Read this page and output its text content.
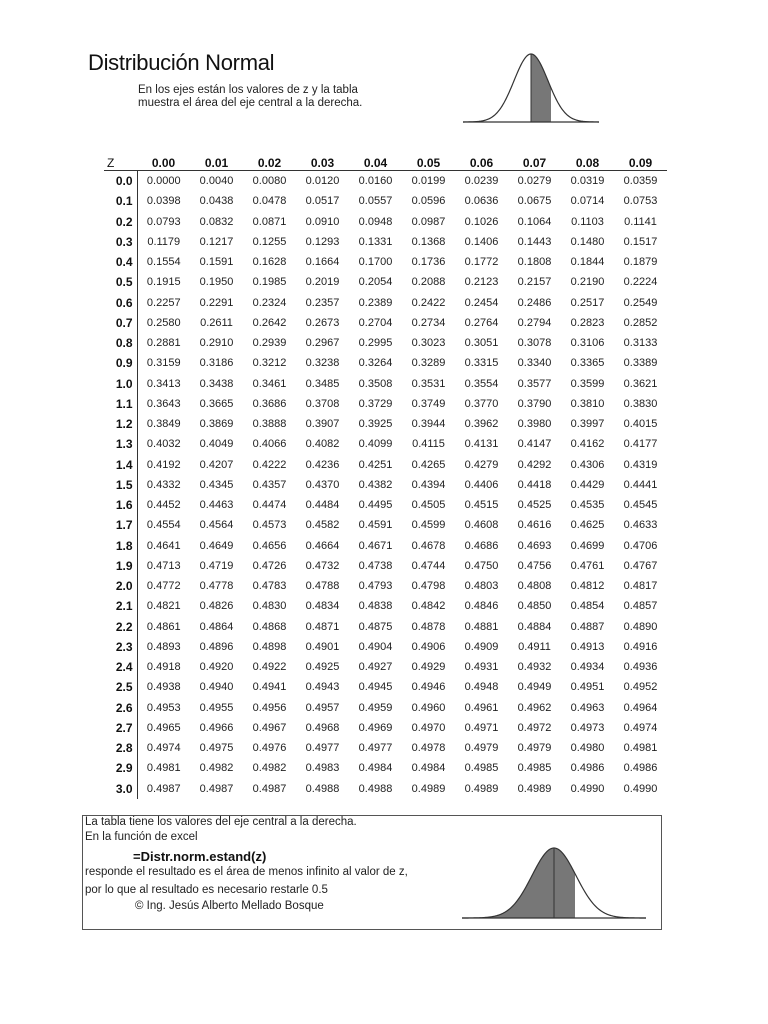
Distribución Normal
En los ejes están los valores de z y la tabla
muestra el área del eje central a la derecha.
Z	0.00	0.01	0.02	0.03	0.04	0.05	0.06	0.07	0.08	0.09
0.0	0.0000	0.0040	0.0080	0.0120	0.0160	0.0199	0.0239	0.0279	0.0319	0.0359
0.1	0.0398	0.0438	0.0478	0.0517	0.0557	0.0596	0.0636	0.0675	0.0714	0.0753
0.2	0.0793	0.0832	0.0871	0.0910	0.0948	0.0987	0.1026	0.1064	0.1103	0.1141
0.3	0.1179	0.1217	0.1255	0.1293	0.1331	0.1368	0.1406	0.1443	0.1480	0.1517
0.4	0.1554	0.1591	0.1628	0.1664	0.1700	0.1736	0.1772	0.1808	0.1844	0.1879
0.5	0.1915	0.1950	0.1985	0.2019	0.2054	0.2088	0.2123	0.2157	0.2190	0.2224
0.6	0.2257	0.2291	0.2324	0.2357	0.2389	0.2422	0.2454	0.2486	0.2517	0.2549
0.7	0.2580	0.2611	0.2642	0.2673	0.2704	0.2734	0.2764	0.2794	0.2823	0.2852
0.8	0.2881	0.2910	0.2939	0.2967	0.2995	0.3023	0.3051	0.3078	0.3106	0.3133
0.9	0.3159	0.3186	0.3212	0.3238	0.3264	0.3289	0.3315	0.3340	0.3365	0.3389
1.0	0.3413	0.3438	0.3461	0.3485	0.3508	0.3531	0.3554	0.3577	0.3599	0.3621
1.1	0.3643	0.3665	0.3686	0.3708	0.3729	0.3749	0.3770	0.3790	0.3810	0.3830
1.2	0.3849	0.3869	0.3888	0.3907	0.3925	0.3944	0.3962	0.3980	0.3997	0.4015
1.3	0.4032	0.4049	0.4066	0.4082	0.4099	0.4115	0.4131	0.4147	0.4162	0.4177
1.4	0.4192	0.4207	0.4222	0.4236	0.4251	0.4265	0.4279	0.4292	0.4306	0.4319
1.5	0.4332	0.4345	0.4357	0.4370	0.4382	0.4394	0.4406	0.4418	0.4429	0.4441
1.6	0.4452	0.4463	0.4474	0.4484	0.4495	0.4505	0.4515	0.4525	0.4535	0.4545
1.7	0.4554	0.4564	0.4573	0.4582	0.4591	0.4599	0.4608	0.4616	0.4625	0.4633
1.8	0.4641	0.4649	0.4656	0.4664	0.4671	0.4678	0.4686	0.4693	0.4699	0.4706
1.9	0.4713	0.4719	0.4726	0.4732	0.4738	0.4744	0.4750	0.4756	0.4761	0.4767
2.0	0.4772	0.4778	0.4783	0.4788	0.4793	0.4798	0.4803	0.4808	0.4812	0.4817
2.1	0.4821	0.4826	0.4830	0.4834	0.4838	0.4842	0.4846	0.4850	0.4854	0.4857
2.2	0.4861	0.4864	0.4868	0.4871	0.4875	0.4878	0.4881	0.4884	0.4887	0.4890
2.3	0.4893	0.4896	0.4898	0.4901	0.4904	0.4906	0.4909	0.4911	0.4913	0.4916
2.4	0.4918	0.4920	0.4922	0.4925	0.4927	0.4929	0.4931	0.4932	0.4934	0.4936
2.5	0.4938	0.4940	0.4941	0.4943	0.4945	0.4946	0.4948	0.4949	0.4951	0.4952
2.6	0.4953	0.4955	0.4956	0.4957	0.4959	0.4960	0.4961	0.4962	0.4963	0.4964
2.7	0.4965	0.4966	0.4967	0.4968	0.4969	0.4970	0.4971	0.4972	0.4973	0.4974
2.8	0.4974	0.4975	0.4976	0.4977	0.4977	0.4978	0.4979	0.4979	0.4980	0.4981
2.9	0.4981	0.4982	0.4982	0.4983	0.4984	0.4984	0.4985	0.4985	0.4986	0.4986
3.0	0.4987	0.4987	0.4987	0.4988	0.4988	0.4989	0.4989	0.4989	0.4990	0.4990
La tabla tiene los valores del eje central a la derecha.
En la función de excel
=Distr.norm.estand(z)
responde el resultado es el área de menos infinito al valor de z,
por lo que al resultado es necesario restarle 0.5
© Ing. Jesús Alberto Mellado Bosque
